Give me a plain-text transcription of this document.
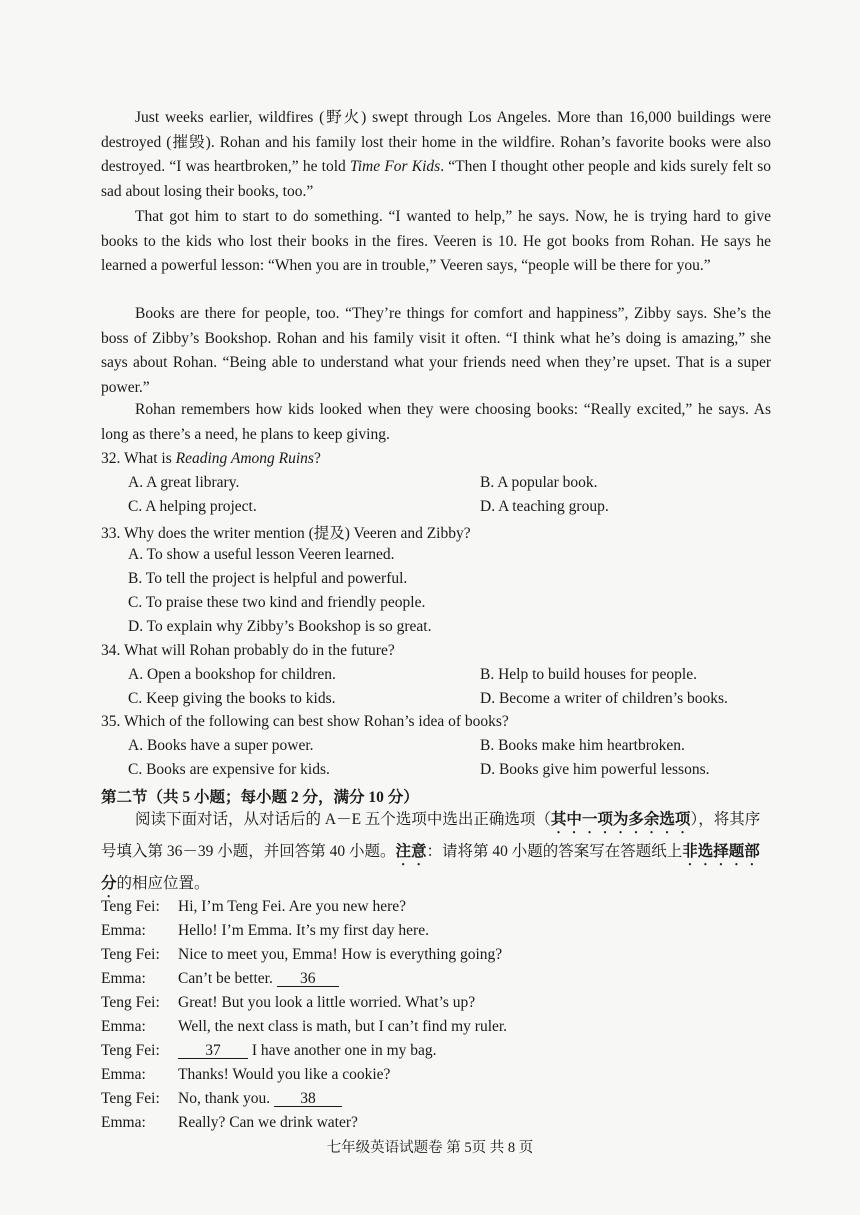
Just weeks earlier, wildfires (野火) swept through Los Angeles. More than 16,000 buildings were destroyed (摧毁). Rohan and his family lost their home in the wildfire. Rohan’s favorite books were also destroyed. “I was heartbroken,” he told Time For Kids. “Then I thought other people and kids surely felt so sad about losing their books, too.”

That got him to start to do something. “I wanted to help,” he says. Now, he is trying hard to give books to the kids who lost their books in the fires. Veeren is 10. He got books from Rohan. He says he learned a powerful lesson: “When you are in trouble,” Veeren says, “people will be there for you.”

Books are there for people, too. “They’re things for comfort and happiness”, Zibby says. She’s the boss of Zibby’s Bookshop. Rohan and his family visit it often. “I think what he’s doing is amazing,” she says about Rohan. “Being able to understand what your friends need when they’re upset. That is a super power.”

Rohan remembers how kids looked when they were choosing books: “Really excited,” he says. As long as there’s a need, he plans to keep giving.

32. What is Reading Among Ruins?
A. A great library.	B. A popular book.
C. A helping project.	D. A teaching group.
33. Why does the writer mention (提及) Veeren and Zibby?
A. To show a useful lesson Veeren learned.
B. To tell the project is helpful and powerful.
C. To praise these two kind and friendly people.
D. To explain why Zibby’s Bookshop is so great.
34. What will Rohan probably do in the future?
A. Open a bookshop for children.	B. Help to build houses for people.
C. Keep giving the books to kids.	D. Become a writer of children’s books.
35. Which of the following can best show Rohan’s idea of books?
A. Books have a super power.	B. Books make him heartbroken.
C. Books are expensive for kids.	D. Books give him powerful lessons.
第二节（共 5 小题；每小题 2 分，满分 10 分）

阅读下面对话，从对话后的 A－E 五个选项中选出正确选项（其中一项为多余选项），将其序号填入第 36－39 小题，并回答第 40 小题。注意：请将第 40 小题的答案写在答题纸上非选择题部分的相应位置。

Teng Fei: Hi, I’m Teng Fei. Are you new here?
Emma: Hello! I’m Emma. It’s my first day here.
Teng Fei: Nice to meet you, Emma! How is everything going?
Emma: Can’t be better. 36
Teng Fei: Great! But you look a little worried. What’s up?
Emma: Well, the next class is math, but I can’t find my ruler.
Teng Fei:	37 I have another one in my bag.
Emma: Thanks! Would you like a cookie?
Teng Fei: No, thank you. 38
Emma: Really? Can we drink water?
七年级英语试题卷 第 5页 共 8 页
